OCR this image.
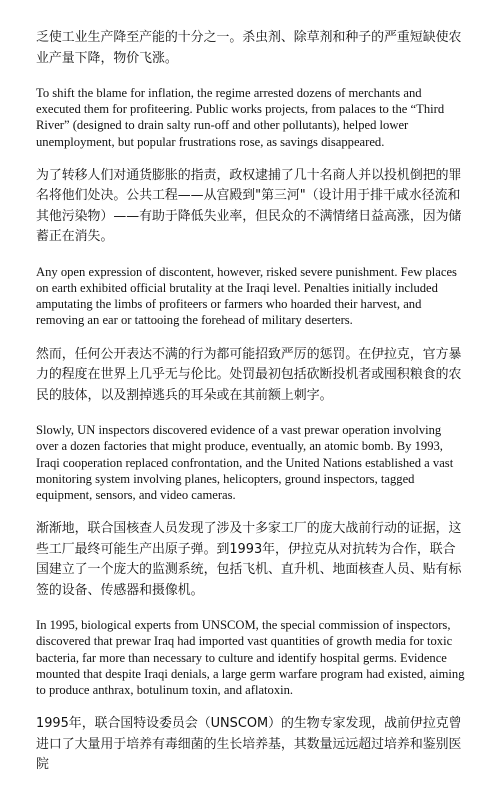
乏使工业生产降至产能的十分之一。杀虫剂、除草剂和种子的严重短缺使农业产量下降，物价飞涨。

To shift the blame for inflation, the regime arrested dozens of merchants and executed them for profiteering. Public works projects, from palaces to the “Third River” (designed to drain salty run-off and other pollutants), helped lower unemployment, but popular frustrations rose, as savings disappeared.

为了转移人们对通货膨胀的指责，政权逮捕了几十名商人并以投机倒把的罪名将他们处决。公共工程——从宫殿到"第三河"（设计用于排干咸水径流和其他污染物）——有助于降低失业率，但民众的不满情绪日益高涨，因为储蓄正在消失。

Any open expression of discontent, however, risked severe punishment. Few places on earth exhibited official brutality at the Iraqi level. Penalties initially included amputating the limbs of profiteers or farmers who hoarded their harvest, and removing an ear or tattooing the forehead of military deserters.

然而，任何公开表达不满的行为都可能招致严厉的惩罚。在伊拉克，官方暴力的程度在世界上几乎无与伦比。处罚最初包括砍断投机者或囤积粮食的农民的肢体，以及割掉逃兵的耳朵或在其前额上刺字。

Slowly, UN inspectors discovered evidence of a vast prewar operation involving over a dozen factories that might produce, eventually, an atomic bomb. By 1993, Iraqi cooperation replaced confrontation, and the United Nations established a vast monitoring system involving planes, helicopters, ground inspectors, tagged equipment, sensors, and video cameras.

渐渐地，联合国核查人员发现了涉及十多家工厂的庞大战前行动的证据，这些工厂最终可能生产出原子弹。到1993年，伊拉克从对抗转为合作，联合国建立了一个庞大的监测系统，包括飞机、直升机、地面核查人员、贴有标签的设备、传感器和摄像机。

In 1995, biological experts from UNSCOM, the special commission of inspectors, discovered that prewar Iraq had imported vast quantities of growth media for toxic bacteria, far more than necessary to culture and identify hospital germs. Evidence mounted that despite Iraqi denials, a large germ warfare program had existed, aiming to produce anthrax, botulinum toxin, and aflatoxin.

1995年，联合国特设委员会（UNSCOM）的生物专家发现，战前伊拉克曾进口了大量用于培养有毒细菌的生长培养基，其数量远远超过培养和鉴别医院
